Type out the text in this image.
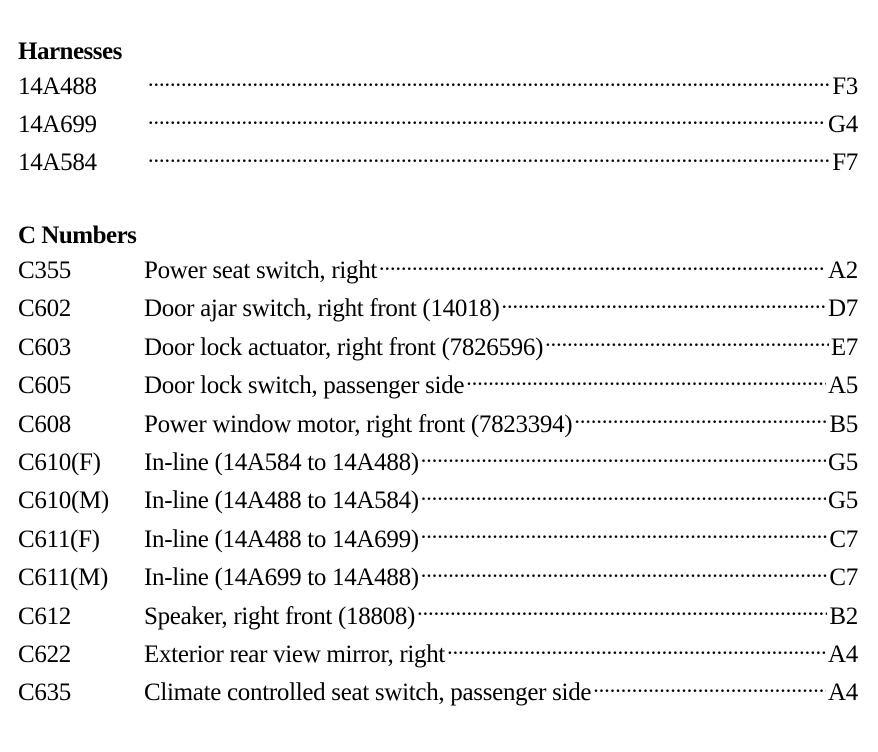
Harnesses
14A488 .....	F3
14A699 .....	G4
14A584 .....	F7
C Numbers
C355	Power seat switch, right .....	A2
C602	Door ajar switch, right front (14018) .....	D7
C603	Door lock actuator, right front (7826596) .....	E7
C605	Door lock switch, passenger side .....	A5
C608	Power window motor, right front (7823394) .....	B5
C610(F)	In-line (14A584 to 14A488) .....	G5
C610(M)	In-line (14A488 to 14A584) .....	G5
C611(F)	In-line (14A488 to 14A699) .....	C7
C611(M)	In-line (14A699 to 14A488) .....	C7
C612	Speaker, right front (18808) .....	B2
C622	Exterior rear view mirror, right .....	A4
C635	Climate controlled seat switch, passenger side .....	A4
